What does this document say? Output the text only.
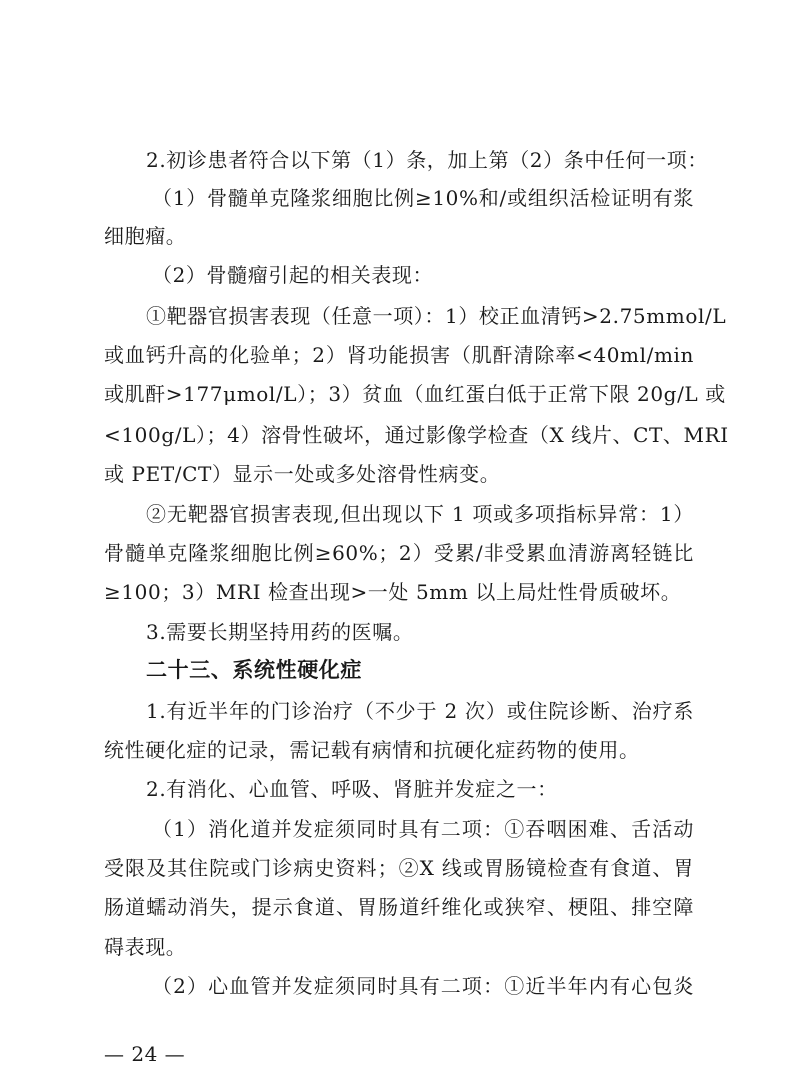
2.初诊患者符合以下第（1）条，加上第（2）条中任何一项：
（1）骨髓单克隆浆细胞比例≥10%和/或组织活检证明有浆
细胞瘤。
（2）骨髓瘤引起的相关表现：
①靶器官损害表现（任意一项）：1）校正血清钙>2.75mmol/L
或血钙升高的化验单；2）肾功能损害（肌酐清除率<40ml/min
或肌酐>177μmol/L）；3）贫血（血红蛋白低于正常下限 20g/L 或
<100g/L）；4）溶骨性破坏，通过影像学检查（X 线片、CT、MRI
或 PET/CT）显示一处或多处溶骨性病变。
②无靶器官损害表现,但出现以下 1 项或多项指标异常：1）
骨髓单克隆浆细胞比例≥60%；2）受累/非受累血清游离轻链比
≥100；3）MRI 检查出现>一处 5mm 以上局灶性骨质破坏。
3.需要长期坚持用药的医嘱。
二十三、系统性硬化症
1.有近半年的门诊治疗（不少于 2 次）或住院诊断、治疗系
统性硬化症的记录，需记载有病情和抗硬化症药物的使用。
2.有消化、心血管、呼吸、肾脏并发症之一：
（1）消化道并发症须同时具有二项：①吞咽困难、舌活动
受限及其住院或门诊病史资料；②X 线或胃肠镜检查有食道、胃
肠道蠕动消失，提示食道、胃肠道纤维化或狭窄、梗阻、排空障
碍表现。
（2）心血管并发症须同时具有二项：①近半年内有心包炎
— 24 —
